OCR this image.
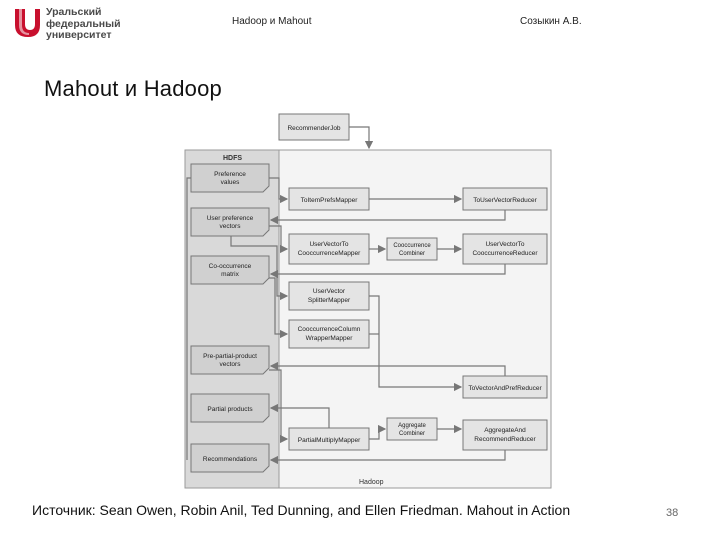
Уральский
федеральный
университет
Hadoop и Mahout	Созыкин А.В.
Mahout и Hadoop
HDFS
Hadoop
RecommenderJob
Preference
values
User preference
vectors
Co-occurrence
matrix
Pre-partial-product
vectors
Partial products
Recommendations
ToItemPrefsMapper	ToUserVectorReducer
UserVectorTo
CooccurrenceMapper
Cooccurrence
Combiner
UserVectorTo
CooccurrenceReducer
UserVector
SplitterMapper
CooccurrenceColumn
WrapperMapper
ToVectorAndPrefReducer
Aggregate
Combiner
PartialMultiplyMapper
AggregateAnd
RecommendReducer
Источник: Sean Owen, Robin Anil, Ted Dunning, and Ellen Friedman. Mahout in Action	38
